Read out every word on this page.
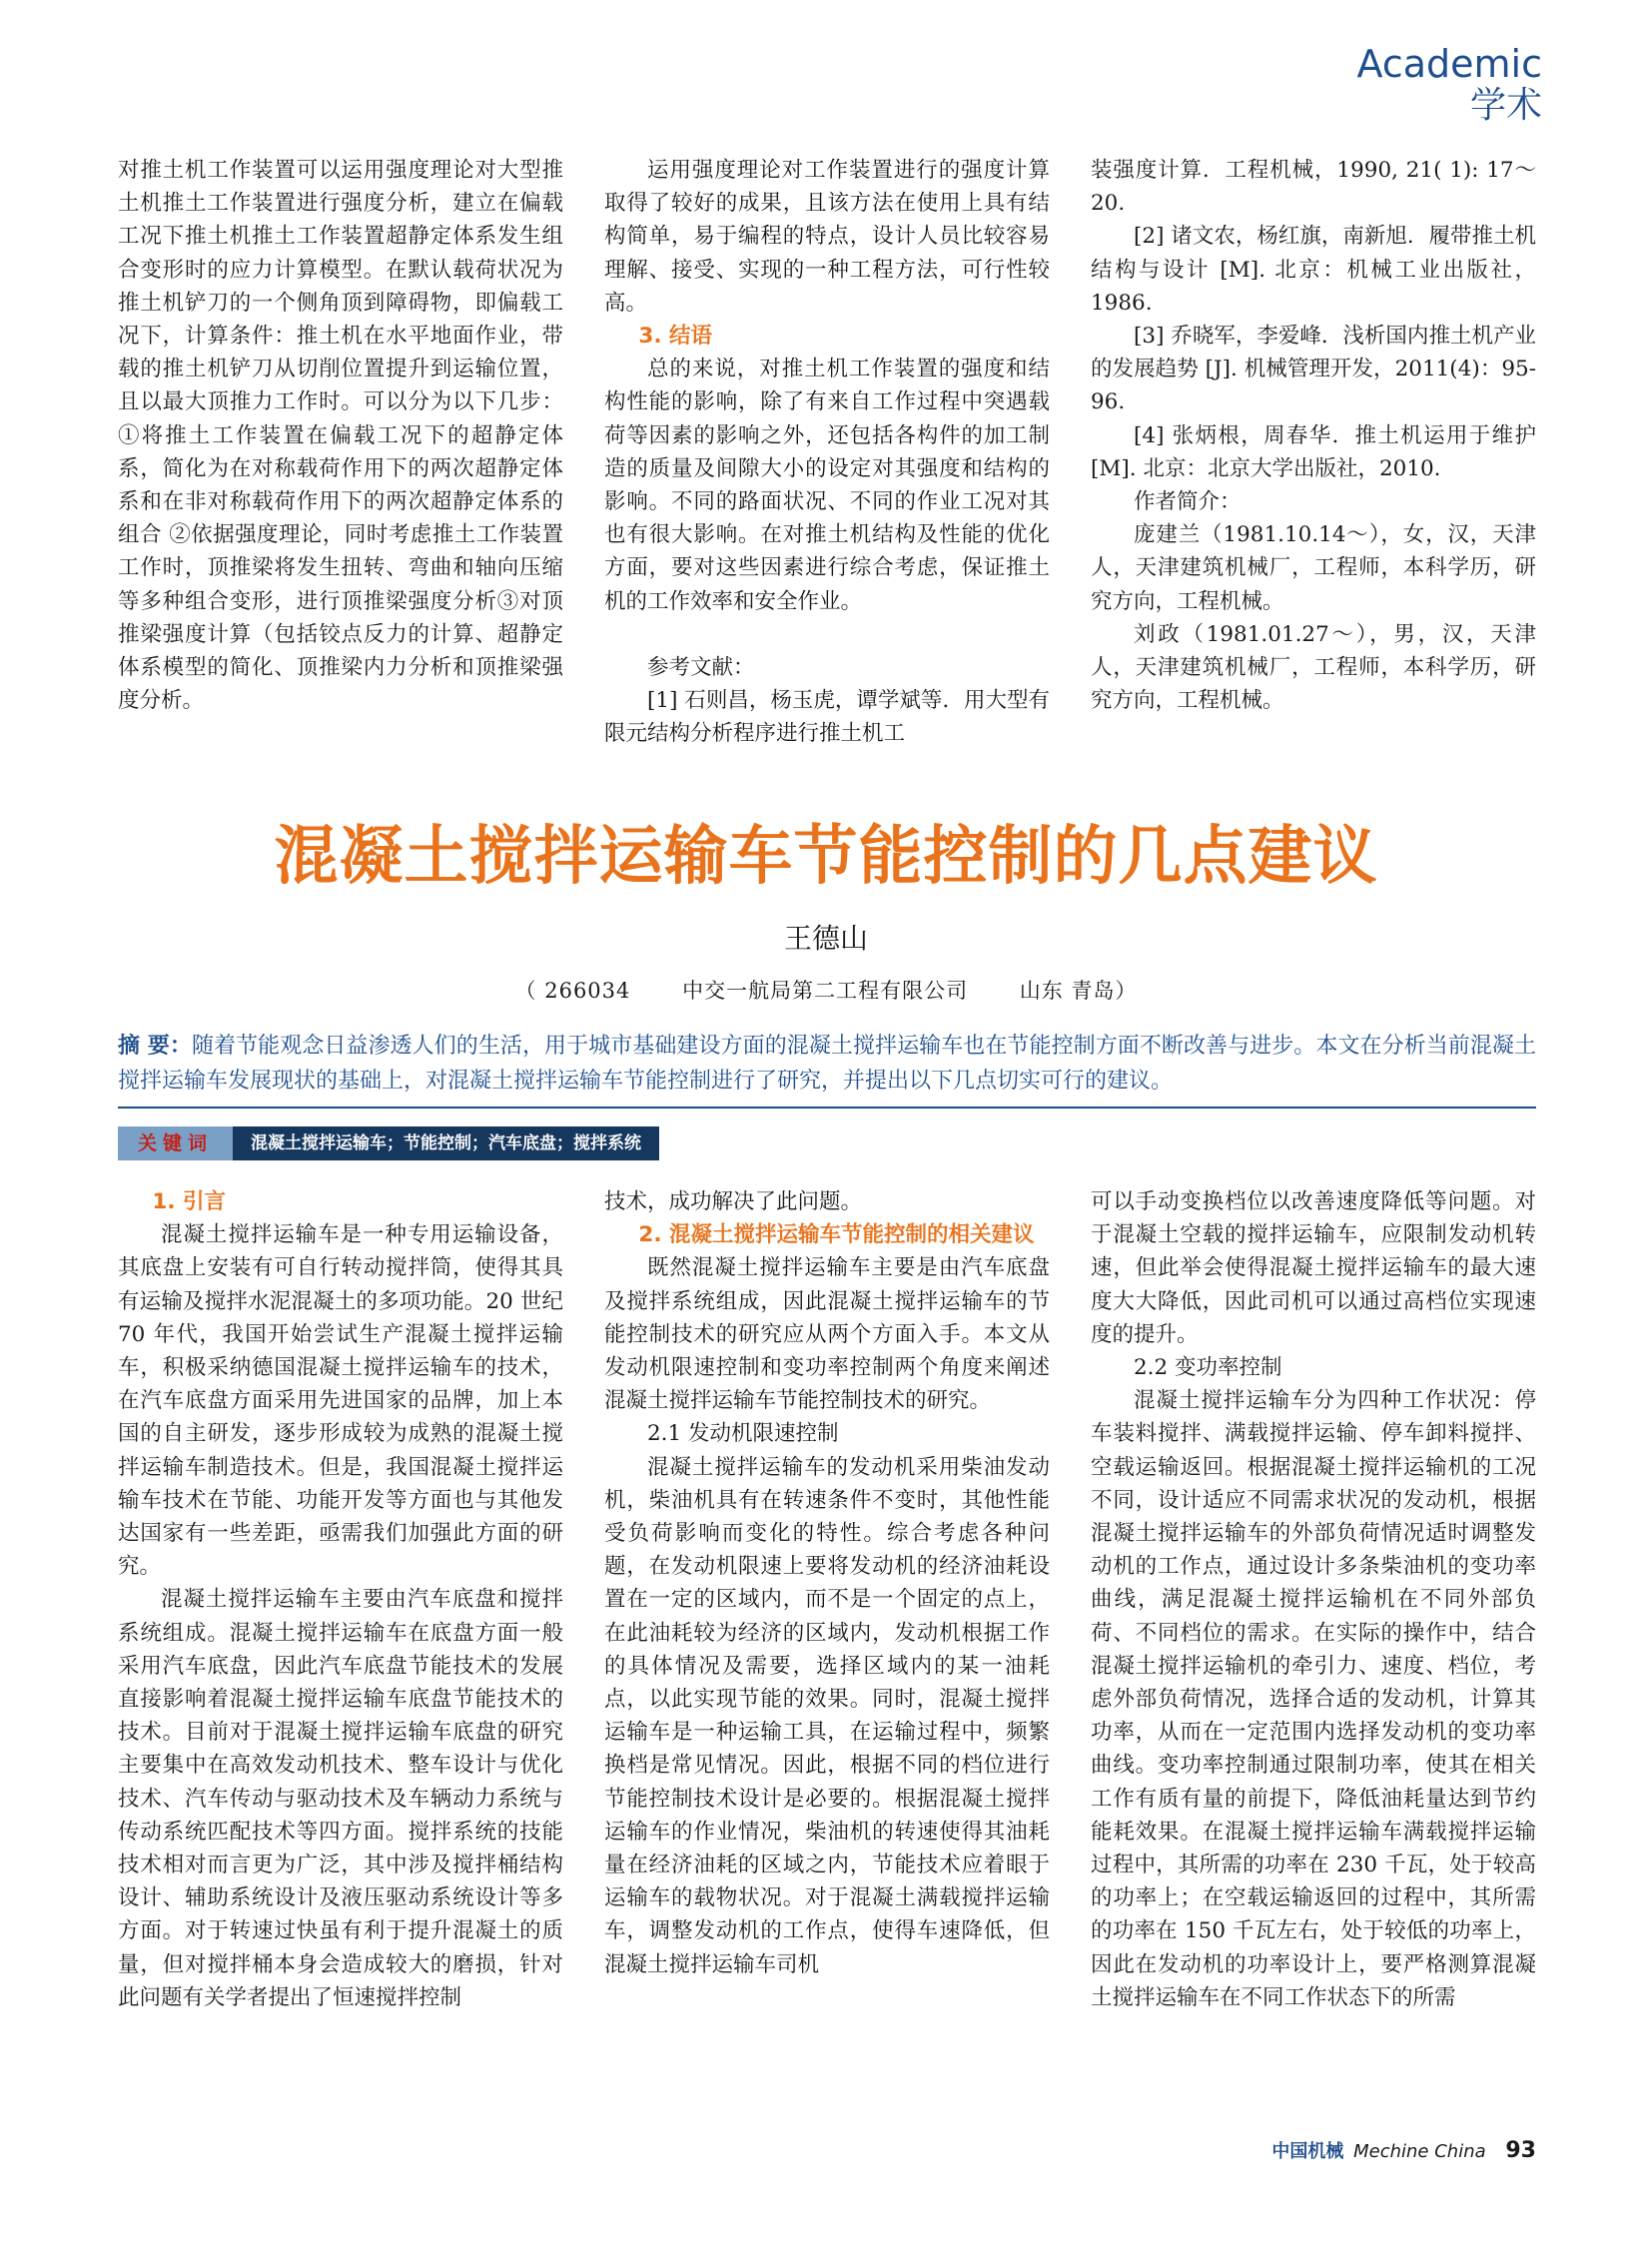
Academic
学术

对推土机工作装置可以运用强度理论对大型推土机推土工作装置进行强度分析，建立在偏载工况下推土机推土工作装置超静定体系发生组合变形时的应力计算模型。在默认载荷状况为推土机铲刀的一个侧角顶到障碍物，即偏载工况下，计算条件：推土机在水平地面作业，带载的推土机铲刀从切削位置提升到运输位置，且以最大顶推力工作时。可以分为以下几步：①将推土工作装置在偏载工况下的超静定体系，简化为在对称载荷作用下的两次超静定体系和在非对称载荷作用下的两次超静定体系的组合 ②依据强度理论，同时考虑推土工作装置工作时，顶推梁将发生扭转、弯曲和轴向压缩等多种组合变形，进行顶推梁强度分析③对顶推梁强度计算（包括铰点反力的计算、超静定体系模型的简化、顶推梁内力分析和顶推梁强度分析。

运用强度理论对工作装置进行的强度计算取得了较好的成果，且该方法在使用上具有结构简单，易于编程的特点，设计人员比较容易理解、接受、实现的一种工程方法，可行性较高。

3. 结语

总的来说，对推土机工作装置的强度和结构性能的影响，除了有来自工作过程中突遇载荷等因素的影响之外，还包括各构件的加工制造的质量及间隙大小的设定对其强度和结构的影响。不同的路面状况、不同的作业工况对其也有很大影响。在对推土机结构及性能的优化方面，要对这些因素进行综合考虑，保证推土机的工作效率和安全作业。

参考文献：

[1] 石则昌，杨玉虎，谭学斌等．用大型有限元结构分析程序进行推土机工

装强度计算．工程机械，1990, 21( 1): 17～20.

[2] 诸文农，杨红旗，南新旭．履带推土机结构与设计 [M]. 北京：机械工业出版社，1986.

[3] 乔晓军，李爱峰．浅析国内推土机产业的发展趋势 [J]. 机械管理开发，2011(4)：95-96.

[4] 张炳根，周春华．推土机运用于维护 [M]. 北京：北京大学出版社，2010.

作者简介：

庞建兰（1981.10.14～），女，汉，天津人，天津建筑机械厂，工程师，本科学历，研究方向，工程机械。

刘政（1981.01.27～），男，汉，天津人，天津建筑机械厂，工程师，本科学历，研究方向，工程机械。

混凝土搅拌运输车节能控制的几点建议
王德山
（ 266034 中交一航局第二工程有限公司 山东 青岛）
摘 要：随着节能观念日益渗透人们的生活，用于城市基础建设方面的混凝土搅拌运输车也在节能控制方面不断改善与进步。本文在分析当前混凝土搅拌运输车发展现状的基础上，对混凝土搅拌运输车节能控制进行了研究，并提出以下几点切实可行的建议。
关键词	混凝土搅拌运输车；节能控制；汽车底盘；搅拌系统

1. 引言

混凝土搅拌运输车是一种专用运输设备，其底盘上安装有可自行转动搅拌筒，使得其具有运输及搅拌水泥混凝土的多项功能。20 世纪 70 年代，我国开始尝试生产混凝土搅拌运输车，积极采纳德国混凝土搅拌运输车的技术，在汽车底盘方面采用先进国家的品牌，加上本国的自主研发，逐步形成较为成熟的混凝土搅拌运输车制造技术。但是，我国混凝土搅拌运输车技术在节能、功能开发等方面也与其他发达国家有一些差距，亟需我们加强此方面的研究。

混凝土搅拌运输车主要由汽车底盘和搅拌系统组成。混凝土搅拌运输车在底盘方面一般采用汽车底盘，因此汽车底盘节能技术的发展直接影响着混凝土搅拌运输车底盘节能技术的技术。目前对于混凝土搅拌运输车底盘的研究主要集中在高效发动机技术、整车设计与优化技术、汽车传动与驱动技术及车辆动力系统与传动系统匹配技术等四方面。搅拌系统的技能技术相对而言更为广泛，其中涉及搅拌桶结构设计、辅助系统设计及液压驱动系统设计等多方面。对于转速过快虽有利于提升混凝土的质量，但对搅拌桶本身会造成较大的磨损，针对此问题有关学者提出了恒速搅拌控制

技术，成功解决了此问题。

2. 混凝土搅拌运输车节能控制的相关建议

既然混凝土搅拌运输车主要是由汽车底盘及搅拌系统组成，因此混凝土搅拌运输车的节能控制技术的研究应从两个方面入手。本文从发动机限速控制和变功率控制两个角度来阐述混凝土搅拌运输车节能控制技术的研究。

2.1 发动机限速控制

混凝土搅拌运输车的发动机采用柴油发动机，柴油机具有在转速条件不变时，其他性能受负荷影响而变化的特性。综合考虑各种问题，在发动机限速上要将发动机的经济油耗设置在一定的区域内，而不是一个固定的点上，在此油耗较为经济的区域内，发动机根据工作的具体情况及需要，选择区域内的某一油耗点，以此实现节能的效果。同时，混凝土搅拌运输车是一种运输工具，在运输过程中，频繁换档是常见情况。因此，根据不同的档位进行节能控制技术设计是必要的。根据混凝土搅拌运输车的作业情况，柴油机的转速使得其油耗量在经济油耗的区域之内，节能技术应着眼于运输车的载物状况。对于混凝土满载搅拌运输车，调整发动机的工作点，使得车速降低，但混凝土搅拌运输车司机

可以手动变换档位以改善速度降低等问题。对于混凝土空载的搅拌运输车，应限制发动机转速，但此举会使得混凝土搅拌运输车的最大速度大大降低，因此司机可以通过高档位实现速度的提升。

2.2 变功率控制

混凝土搅拌运输车分为四种工作状况：停车装料搅拌、满载搅拌运输、停车卸料搅拌、空载运输返回。根据混凝土搅拌运输机的工况不同，设计适应不同需求状况的发动机，根据混凝土搅拌运输车的外部负荷情况适时调整发动机的工作点，通过设计多条柴油机的变功率曲线，满足混凝土搅拌运输机在不同外部负荷、不同档位的需求。在实际的操作中，结合混凝土搅拌运输机的牵引力、速度、档位，考虑外部负荷情况，选择合适的发动机，计算其功率，从而在一定范围内选择发动机的变功率曲线。变功率控制通过限制功率，使其在相关工作有质有量的前提下，降低油耗量达到节约能耗效果。在混凝土搅拌运输车满载搅拌运输过程中，其所需的功率在 230 千瓦，处于较高的功率上；在空载运输返回的过程中，其所需的功率在 150 千瓦左右，处于较低的功率上，因此在发动机的功率设计上，要严格测算混凝土搅拌运输车在不同工作状态下的所需

中国机械 Mechine China 93
